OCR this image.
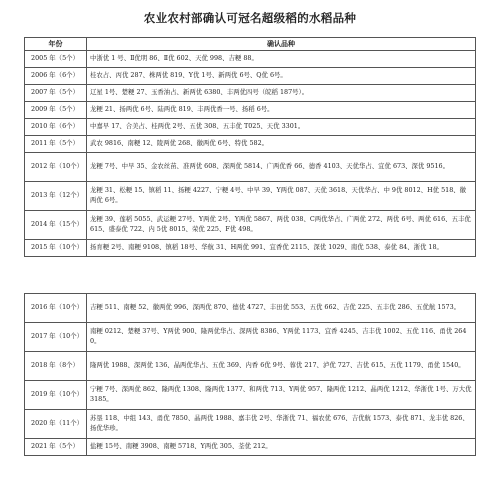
农业农村部确认可冠名超级稻的水稻品种
年份	确认品种
2005 年（5个）	中浙优 1 号、Ⅱ优明 86、Ⅱ优 602、天优 998、吉粳 88。
2006 年（6个）	桂农占、丙优 287、株两优 819、Y优 1号、新两优 6号、Q优 6号。
2007 年（5个）	辽星 1号、楚粳 27、玉香油占、新两优 6380、丰两优四号（皖稻 187号）。
2009 年（5个）	龙粳 21、扬两优 6号、陆两优 819、丰两优香一号、扬稻 6号。
2010 年（6个）	中嘉早 17、合美占、桂两优 2号、五优 308、五丰优 T025、天优 3301。
2011 年（5个）	武农 9816、南粳 12、陵两优 268、徽两优 6号、特优 582。
2012 年（10个）	龙粳 7号、中早 35、金农丝苗、准两优 608、深两优 5814、广两优香 66、德香 4103、天优华占、宜优 673、深优 9516。
2013 年（12个）	龙粳 31、松粳 15、镇稻 11、扬粳 4227、宁粳 4号、中早 39、Y两优 087、天优 3618、天优华占、中 9优 8012、H优 518、徽两优 6号。
2014 年（15个）	龙粳 39、莲稻 5055、武运粳 27号、Y两优 2号、Y两优 5867、两优 038、C两优华占、广两优 272、两优 6号、两优 616、五丰优 615、盛泰优 722、内 5优 8015、荣优 225、F优 498。
2015 年（10个）	扬育粳 2号、南粳 9108、镇稻 18号、华航 31、H两优 991、宜香优 2115、深优 1029、南优 538、泰优 84、浙优 18。
2016 年（10个）	吉粳 511、南粳 52、徽两优 996、深两优 870、德优 4727、丰田优 553、五优 662、吉优 225、五丰优 286、五优航 1573。
2017 年（10个）	南粳 0212、楚粳 37号、Y两优 900、隆两优华占、深两优 8386、Y两优 1173、宜香 4245、吉丰优 1002、五优 116、甬优 2640。
2018 年（8个）	隆两优 1988、深两优 136、晶两优华占、五优 369、内香 6优 9号、蓉优 217、泸优 727、吉优 615、五优 1179、甬优 1540。
2019 年（10个）	宁粳 7号、深两优 862、隆两优 1308、隆两优 1377、和两优 713、Y两优 957、隆两优 1212、晶两优 1212、华浙优 1号、万大优 3185。
2020 年（11个）	苏垦 118、中组 143、甬优 7850、晶两优 1988、嘉丰优 2号、华浙优 71、福农优 676、吉优航 1573、泰优 871、龙丰优 826、扬优华珍。
2021 年（5个）	盐粳 15号、南粳 3908、南粳 5718、Y两优 305、荃优 212。
